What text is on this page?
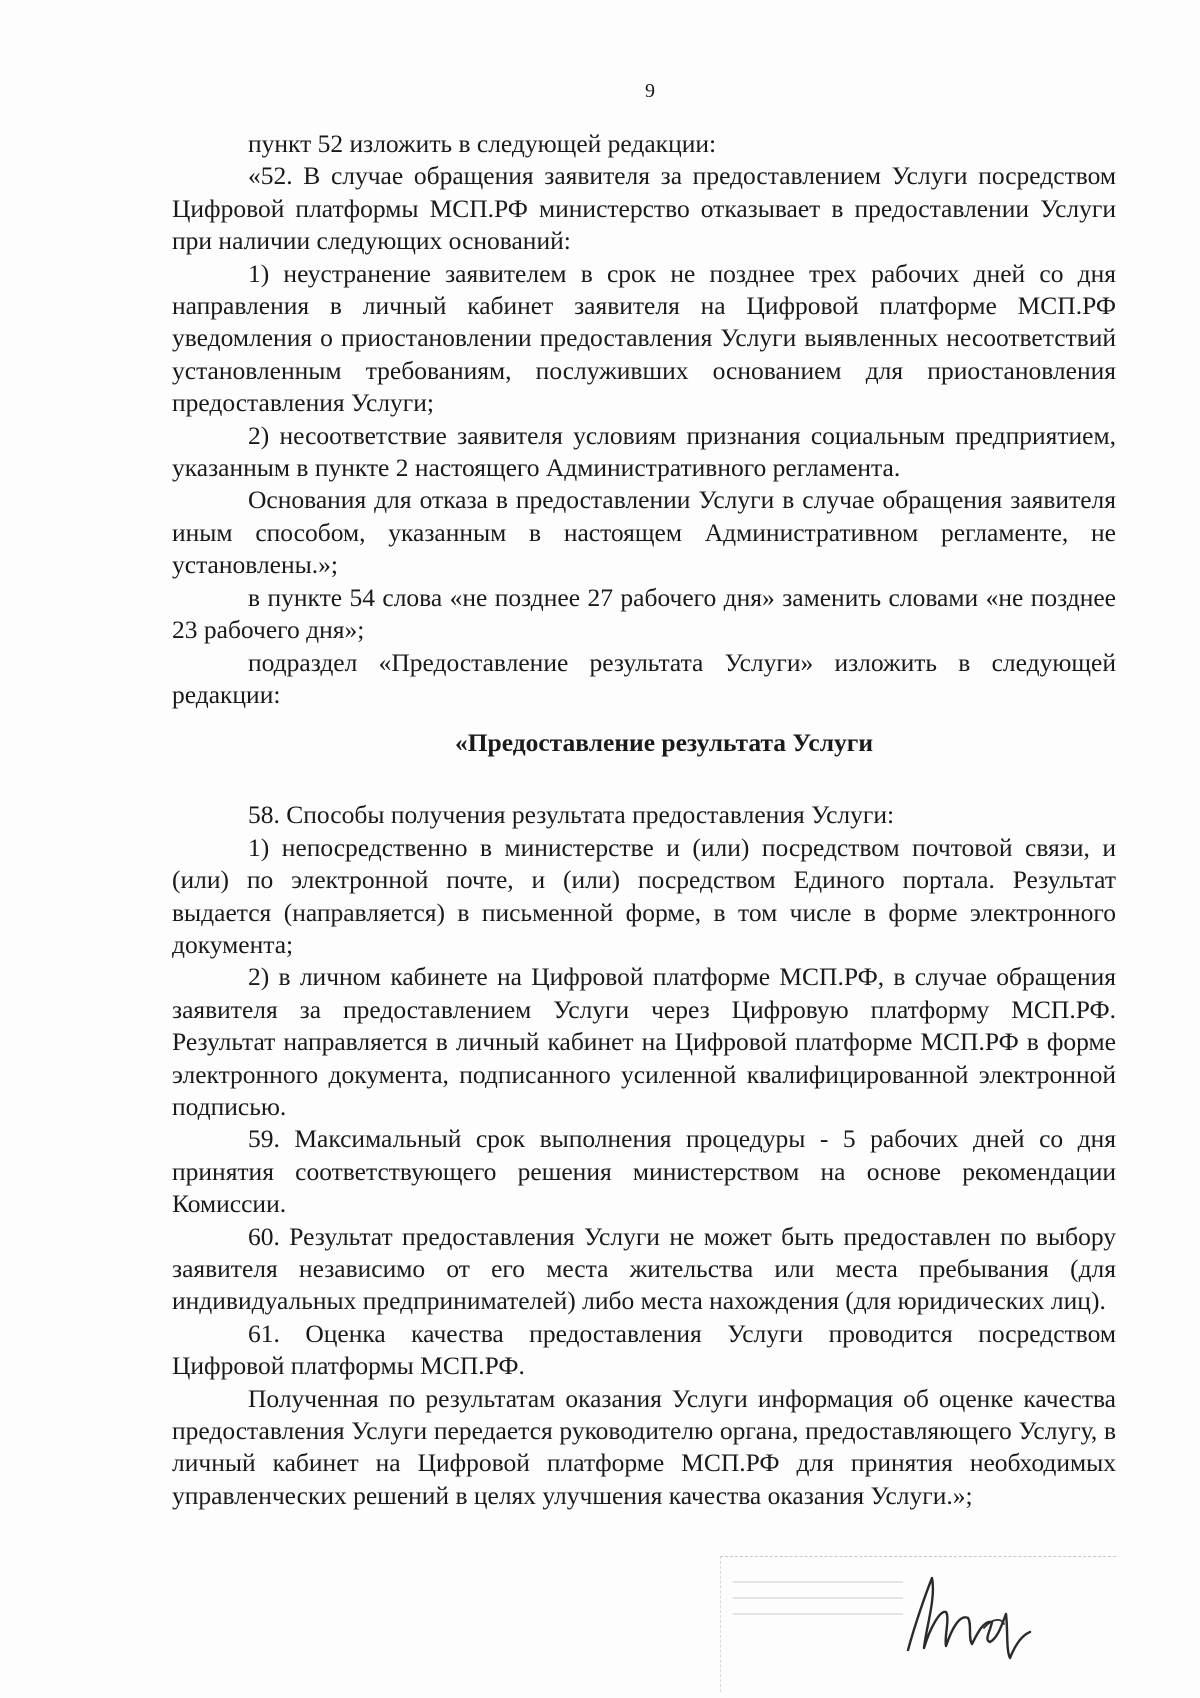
9

пункт 52 изложить в следующей редакции:

«52. В случае обращения заявителя за предоставлением Услуги посредством Цифровой платформы МСП.РФ министерство отказывает в предоставлении Услуги при наличии следующих оснований:

1) неустранение заявителем в срок не позднее трех рабочих дней со дня направления в личный кабинет заявителя на Цифровой платформе МСП.РФ уведомления о приостановлении предоставления Услуги выявленных несоответствий установленным требованиям, послуживших основанием для приостановления предоставления Услуги;

2) несоответствие заявителя условиям признания социальным предприятием, указанным в пункте 2 настоящего Административного регламента.

Основания для отказа в предоставлении Услуги в случае обращения заявителя иным способом, указанным в настоящем Административном регламенте, не установлены.»;

в пункте 54 слова «не позднее 27 рабочего дня» заменить словами «не позднее 23 рабочего дня»;

подраздел «Предоставление результата Услуги» изложить в следующей редакции:

«Предоставление результата Услуги

58. Способы получения результата предоставления Услуги:

1) непосредственно в министерстве и (или) посредством почтовой связи, и (или) по электронной почте, и (или) посредством Единого портала. Результат выдается (направляется) в письменной форме, в том числе в форме электронного документа;

2) в личном кабинете на Цифровой платформе МСП.РФ, в случае обращения заявителя за предоставлением Услуги через Цифровую платформу МСП.РФ. Результат направляется в личный кабинет на Цифровой платформе МСП.РФ в форме электронного документа, подписанного усиленной квалифицированной электронной подписью.

59. Максимальный срок выполнения процедуры - 5 рабочих дней со дня принятия соответствующего решения министерством на основе рекомендации Комиссии.

60. Результат предоставления Услуги не может быть предоставлен по выбору заявителя независимо от его места жительства или места пребывания (для индивидуальных предпринимателей) либо места нахождения (для юридических лиц).

61. Оценка качества предоставления Услуги проводится посредством Цифровой платформы МСП.РФ.

Полученная по результатам оказания Услуги информация об оценке качества предоставления Услуги передается руководителю органа, предоставляющего Услугу, в личный кабинет на Цифровой платформе МСП.РФ для принятия необходимых управленческих решений в целях улучшения качества оказания Услуги.»;
